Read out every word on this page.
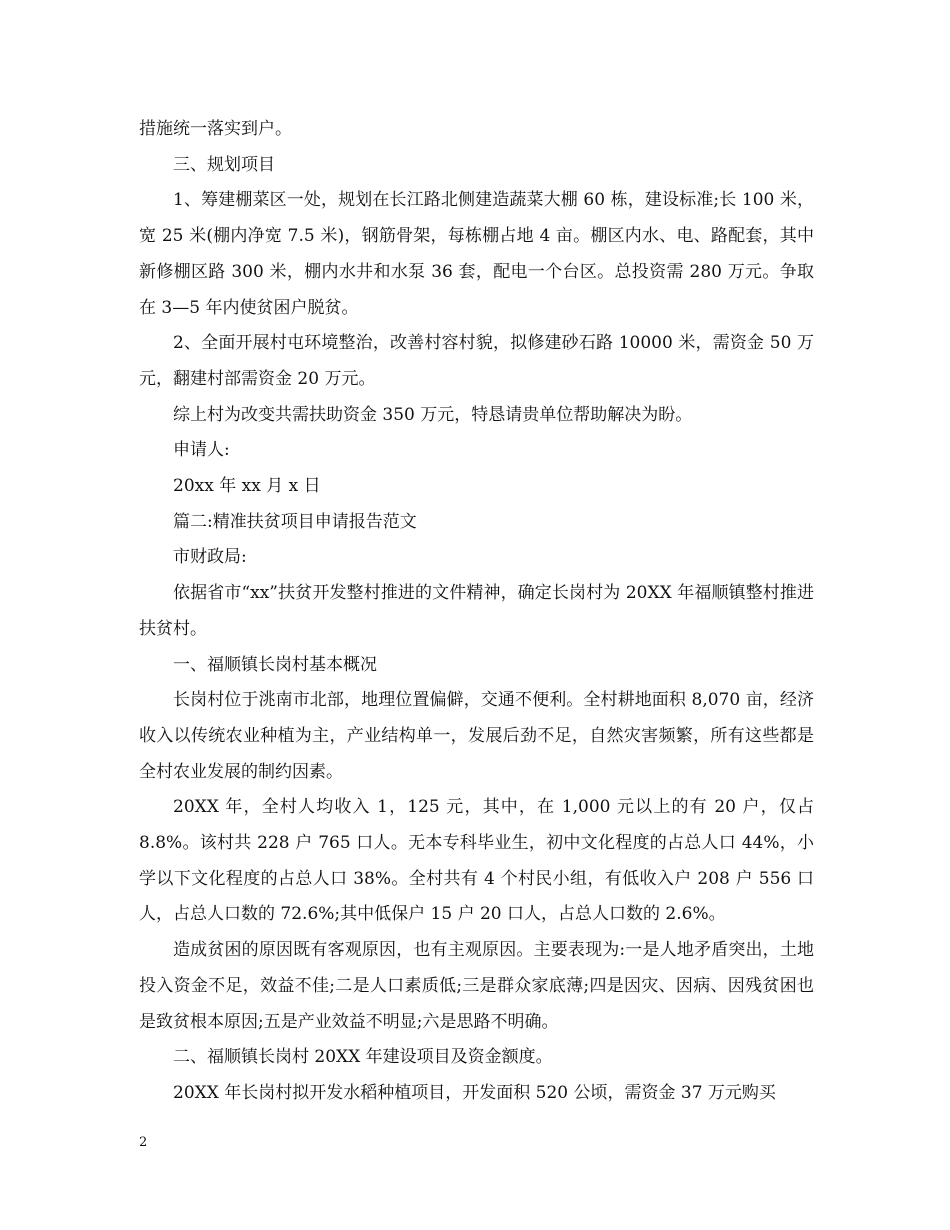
措施统一落实到户。

三、规划项目

1、筹建棚菜区一处，规划在长江路北侧建造蔬菜大棚 60 栋，建设标准;长 100 米，宽 25 米(棚内净宽 7.5 米)，钢筋骨架，每栋棚占地 4 亩。棚区内水、电、路配套，其中新修棚区路 300 米，棚内水井和水泵 36 套，配电一个台区。总投资需 280 万元。争取在 3—5 年内使贫困户脱贫。

2、全面开展村屯环境整治，改善村容村貌，拟修建砂石路 10000 米，需资金 50 万元，翻建村部需资金 20 万元。

综上村为改变共需扶助资金 350 万元，特恳请贵单位帮助解决为盼。

申请人:

20xx 年 xx 月 x 日

篇二:精准扶贫项目申请报告范文

市财政局:

依据省市“xx”扶贫开发整村推进的文件精神，确定长岗村为 20XX 年福顺镇整村推进扶贫村。

一、福顺镇长岗村基本概况

长岗村位于洮南市北部，地理位置偏僻，交通不便利。全村耕地面积 8,070 亩，经济收入以传统农业种植为主，产业结构单一，发展后劲不足，自然灾害频繁，所有这些都是全村农业发展的制约因素。

20XX 年，全村人均收入 1，125 元，其中，在 1,000 元以上的有 20 户，仅占 8.8%。该村共 228 户 765 口人。无本专科毕业生，初中文化程度的占总人口 44%，小学以下文化程度的占总人口 38%。全村共有 4 个村民小组，有低收入户 208 户 556 口人，占总人口数的 72.6%;其中低保户 15 户 20 口人，占总人口数的 2.6%。

造成贫困的原因既有客观原因，也有主观原因。主要表现为:一是人地矛盾突出，土地投入资金不足，效益不佳;二是人口素质低;三是群众家底薄;四是因灾、因病、因残贫困也是致贫根本原因;五是产业效益不明显;六是思路不明确。

二、福顺镇长岗村 20XX 年建设项目及资金额度。

20XX 年长岗村拟开发水稻种植项目，开发面积 520 公顷，需资金 37 万元购买

2
